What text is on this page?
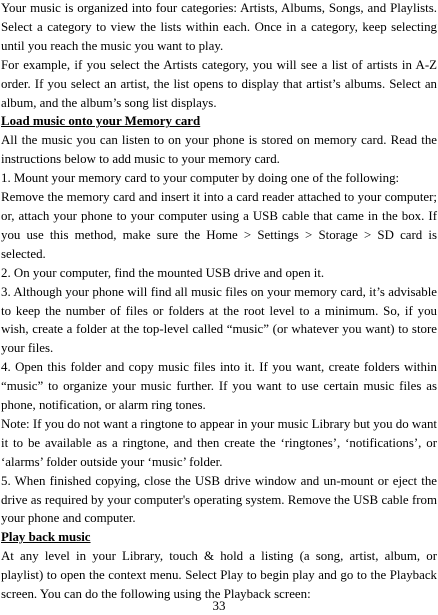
Your music is organized into four categories: Artists, Albums, Songs, and Playlists. Select a category to view the lists within each. Once in a category, keep selecting until you reach the music you want to play.

For example, if you select the Artists category, you will see a list of artists in A-Z order. If you select an artist, the list opens to display that artist’s albums. Select an album, and the album’s song list displays.

Load music onto your Memory card

All the music you can listen to on your phone is stored on memory card. Read the instructions below to add music to your memory card.

1. Mount your memory card to your computer by doing one of the following:

Remove the memory card and insert it into a card reader attached to your computer; or, attach your phone to your computer using a USB cable that came in the box. If you use this method, make sure the Home > Settings > Storage > SD card is selected.

2. On your computer, find the mounted USB drive and open it.

3. Although your phone will find all music files on your memory card, it’s advisable to keep the number of files or folders at the root level to a minimum. So, if you wish, create a folder at the top-level called “music” (or whatever you want) to store your files.

4. Open this folder and copy music files into it. If you want, create folders within “music” to organize your music further. If you want to use certain music files as phone, notification, or alarm ring tones.

Note: If you do not want a ringtone to appear in your music Library but you do want it to be available as a ringtone, and then create the ‘ringtones’, ‘notifications’, or ‘alarms’ folder outside your ‘music’ folder.

5. When finished copying, close the USB drive window and un-mount or eject the drive as required by your computer's operating system. Remove the USB cable from your phone and computer.

Play back music

At any level in your Library, touch & hold a listing (a song, artist, album, or playlist) to open the context menu. Select Play to begin play and go to the Playback screen. You can do the following using the Playback screen:

33
